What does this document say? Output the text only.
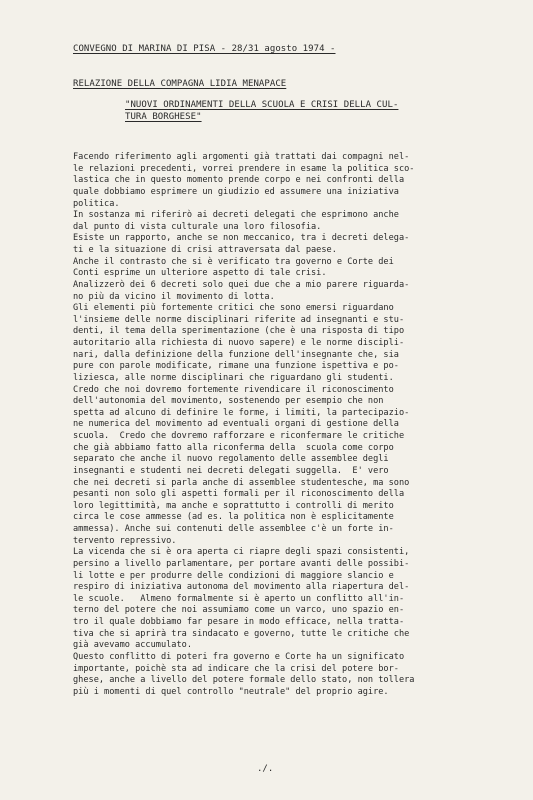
CONVEGNO DI MARINA DI PISA - 28/31 agosto 1974 -
RELAZIONE DELLA COMPAGNA LIDIA MENAPACE
"NUOVI ORDINAMENTI DELLA SCUOLA E CRISI DELLA CUL-
TURA BORGHESE"
Facendo riferimento agli argomenti già trattati dai compagni nel-
le relazioni precedenti, vorrei prendere in esame la politica sco-
lastica che in questo momento prende corpo e nei confronti della
quale dobbiamo esprimere un giudizio ed assumere una iniziativa
politica.
In sostanza mi riferirò ai decreti delegati che esprimono anche
dal punto di vista culturale una loro filosofia.
Esiste un rapporto, anche se non meccanico, tra i decreti delega-
ti e la situazione di crisi attraversata dal paese.
Anche il contrasto che si è verificato tra governo e Corte dei
Conti esprime un ulteriore aspetto di tale crisi.
Analizzerò dei 6 decreti solo quei due che a mio parere riguarda-
no più da vicino il movimento di lotta.
Gli elementi più fortemente critici che sono emersi riguardano
l'insieme delle norme disciplinari riferite ad insegnanti e stu-
denti, il tema della sperimentazione (che è una risposta di tipo
autoritario alla richiesta di nuovo sapere) e le norme discipli-
nari, dalla definizione della funzione dell'insegnante che, sia
pure con parole modificate, rimane una funzione ispettiva e po-
liziesca, alle norme disciplinari che riguardano gli studenti.
Credo che noi dovremo fortemente rivendicare il riconoscimento
dell'autonomia del movimento, sostenendo per esempio che non
spetta ad alcuno di definire le forme, i limiti, la partecipazio-
ne numerica del movimento ad eventuali organi di gestione della
scuola.  Credo che dovremo rafforzare e riconfermare le critiche
che già abbiamo fatto alla riconferma della  scuola come corpo
separato che anche il nuovo regolamento delle assemblee degli
insegnanti e studenti nei decreti delegati suggella.  E' vero
che nei decreti si parla anche di assemblee studentesche, ma sono
pesanti non solo gli aspetti formali per il riconoscimento della
loro legittimità, ma anche e soprattutto i controlli di merito
circa le cose ammesse (ad es. la politica non è esplicitamente
ammessa). Anche sui contenuti delle assemblee c'è un forte in-
tervento repressivo.
La vicenda che si è ora aperta ci riapre degli spazi consistenti,
persino a livello parlamentare, per portare avanti delle possibi-
li lotte e per produrre delle condizioni di maggiore slancio e
respiro di iniziativa autonoma del movimento alla riapertura del-
le scuole.   Almeno formalmente si è aperto un conflitto all'in-
terno del potere che noi assumiamo come un varco, uno spazio en-
tro il quale dobbiamo far pesare in modo efficace, nella tratta-
tiva che si aprirà tra sindacato e governo, tutte le critiche che
già avevamo accumulato.
Questo conflitto di poteri fra governo e Corte ha un significato
importante, poichè sta ad indicare che la crisi del potere bor-
ghese, anche a livello del potere formale dello stato, non tollera
più i momenti di quel controllo "neutrale" del proprio agire.
./.
